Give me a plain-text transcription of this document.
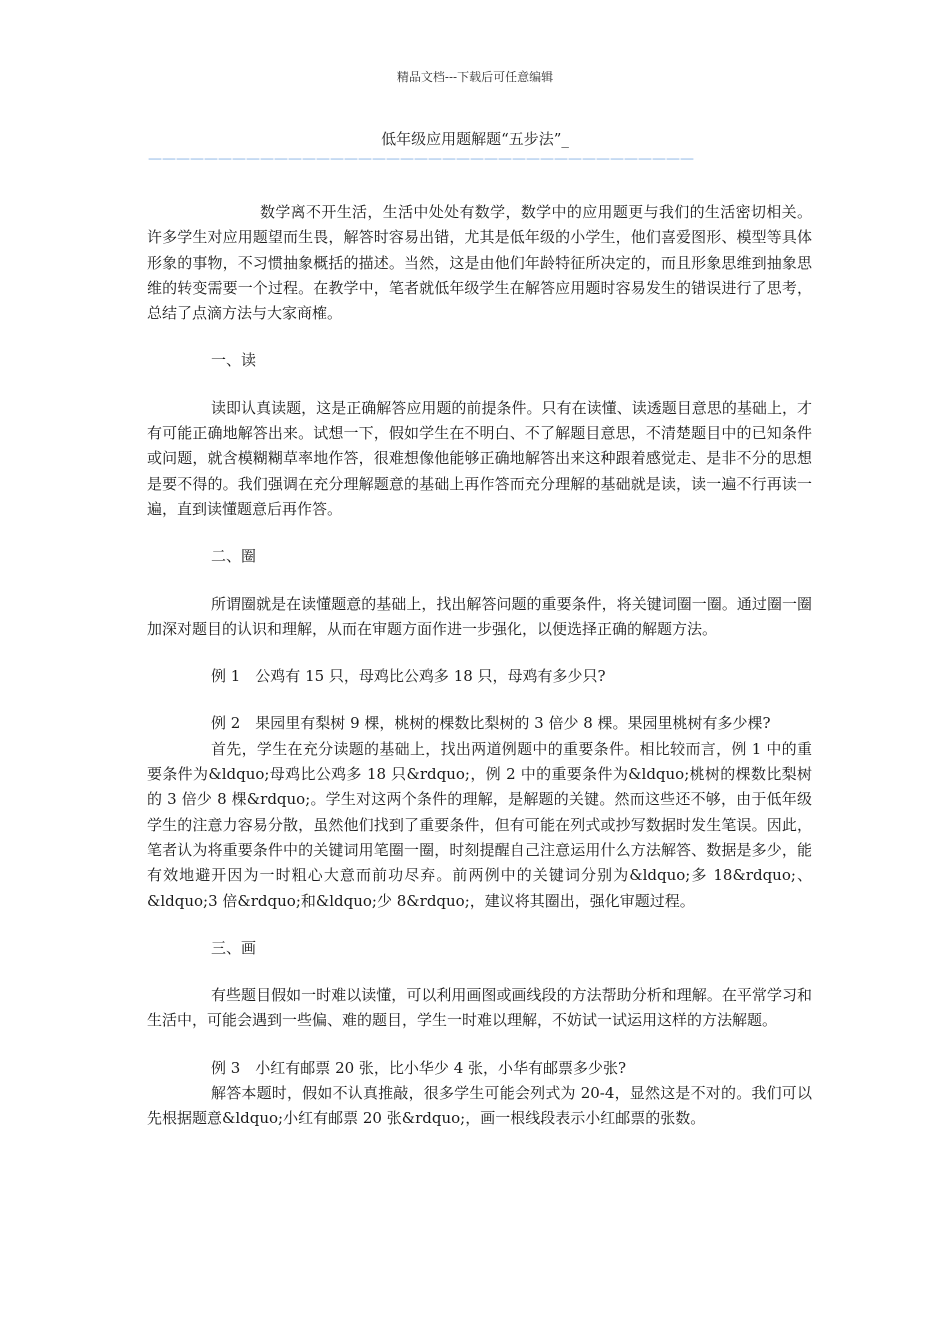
精品文档---下载后可任意编辑
低年级应用题解题“五步法”_
———————————————————————————————————————

数学离不开生活，生活中处处有数学，数学中的应用题更与我们的生活密切相关。许多学生对应用题望而生畏，解答时容易出错，尤其是低年级的小学生，他们喜爱图形、模型等具体形象的事物，不习惯抽象概括的描述。当然，这是由他们年龄特征所决定的，而且形象思维到抽象思维的转变需要一个过程。在教学中，笔者就低年级学生在解答应用题时容易发生的错误进行了思考，总结了点滴方法与大家商榷。

一、读

读即认真读题，这是正确解答应用题的前提条件。只有在读懂、读透题目意思的基础上，才有可能正确地解答出来。试想一下，假如学生在不明白、不了解题目意思，不清楚题目中的已知条件或问题，就含模糊糊草率地作答，很难想像他能够正确地解答出来这种跟着感觉走、是非不分的思想是要不得的。我们强调在充分理解题意的基础上再作答而充分理解的基础就是读，读一遍不行再读一遍，直到读懂题意后再作答。

二、圈

所谓圈就是在读懂题意的基础上，找出解答问题的重要条件，将关键词圈一圈。通过圈一圈加深对题目的认识和理解，从而在审题方面作进一步强化，以便选择正确的解题方法。

例 1　公鸡有 15 只，母鸡比公鸡多 18 只，母鸡有多少只?

例 2　果园里有梨树 9 棵，桃树的棵数比梨树的 3 倍少 8 棵。果园里桃树有多少棵?

首先，学生在充分读题的基础上，找出两道例题中的重要条件。相比较而言，例 1 中的重要条件为&ldquo;母鸡比公鸡多 18 只&rdquo;，例 2 中的重要条件为&ldquo;桃树的棵数比梨树的 3 倍少 8 棵&rdquo;。学生对这两个条件的理解，是解题的关键。然而这些还不够，由于低年级学生的注意力容易分散，虽然他们找到了重要条件，但有可能在列式或抄写数据时发生笔误。因此，笔者认为将重要条件中的关键词用笔圈一圈，时刻提醒自己注意运用什么方法解答、数据是多少，能有效地避开因为一时粗心大意而前功尽弃。前两例中的关键词分别为&ldquo;多 18&rdquo;、&ldquo;3 倍&rdquo;和&ldquo;少 8&rdquo;，建议将其圈出，强化审题过程。

三、画

有些题目假如一时难以读懂，可以利用画图或画线段的方法帮助分析和理解。在平常学习和生活中，可能会遇到一些偏、难的题目，学生一时难以理解，不妨试一试运用这样的方法解题。

例 3　小红有邮票 20 张，比小华少 4 张，小华有邮票多少张?

解答本题时，假如不认真推敲，很多学生可能会列式为 20-4，显然这是不对的。我们可以先根据题意&ldquo;小红有邮票 20 张&rdquo;，画一根线段表示小红邮票的张数。
